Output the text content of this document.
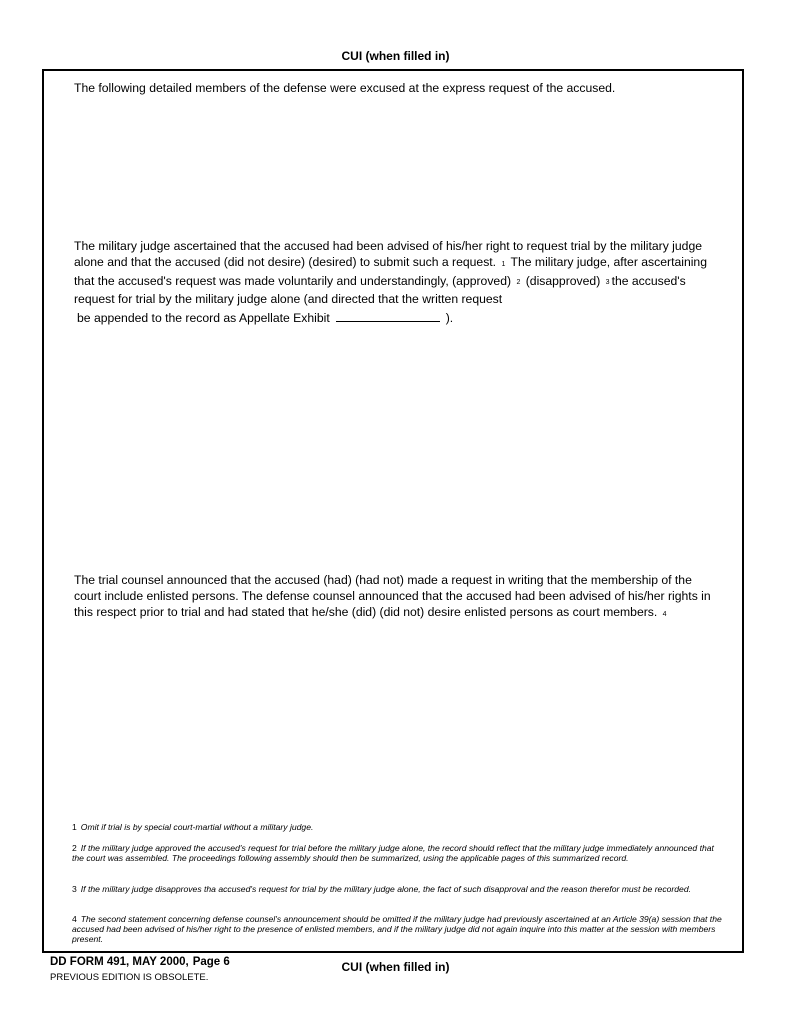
CUI (when filled in)
The following detailed members of the defense were excused at the express request of the accused.
The military judge ascertained that the accused had been advised of his/her right to request trial by the military judge alone and that the accused (did not desire) (desired) to submit such a request. $^1$ The military judge, after ascertaining that the accused's request was made voluntarily and understandingly, (approved) $^2$ (disapproved) $^3$ the accused's request for trial by the military judge alone (and directed that the written request
be appended to the record as Appellate Exhibit	).
The trial counsel announced that the accused (had) (had not) made a request in writing that the membership of the court include enlisted persons. The defense counsel announced that the accused had been advised of his/her rights in this respect prior to trial and had stated that he/she (did) (did not) desire enlisted persons as court members. $^4$
1 Omit if trial is by special court-martial without a military judge.
2 If the military judge approved the accused's request for trial before the military judge alone, the record should reflect that the military judge immediately announced that the court was assembled. The proceedings following assembly should then be summarized, using the applicable pages of this summarized record.
3 If the military judge disapproves tha accused's request for trial by the military judge alone, the fact of such disapproval and the reason therefor must be recorded.
4 The second statement concerning defense counsel's announcement should be omitted if the military judge had previously ascertained at an Article 39(a) session that the accused had been advised of his/her right to the presence of enlisted members, and if the military judge did not again inquire into this matter at the session with members present.
DD FORM 491, MAY 2000, Page 6	CUI (when filled in)
PREVIOUS EDITION IS OBSOLETE.
